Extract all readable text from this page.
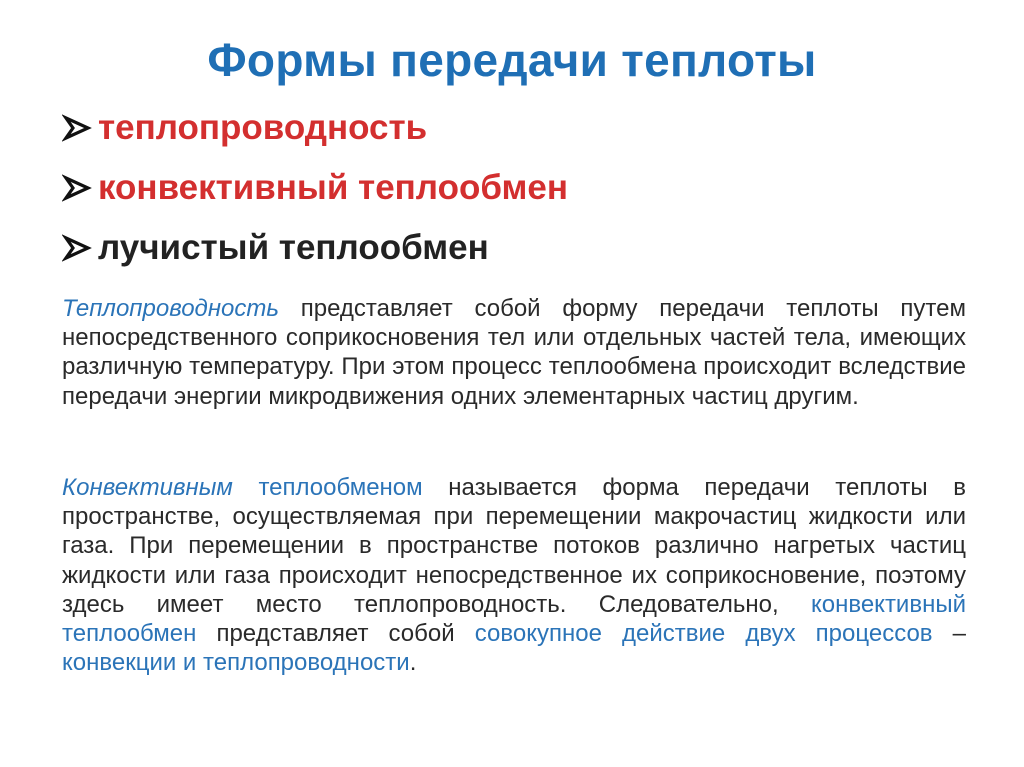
Формы передачи теплоты
теплопроводность
конвективный теплообмен
лучистый теплообмен

Теплопроводность представляет собой форму передачи теплоты путем непосредственного соприкосновения тел или отдельных частей тела, имеющих различную температуру. При этом процесс теплообмена происходит вследствие передачи энергии микродвижения одних элементарных частиц другим.

Конвективным теплообменом называется форма передачи теплоты в пространстве, осуществляемая при перемещении макрочастиц жидкости или газа. При перемещении в пространстве потоков различно нагретых частиц жидкости или газа происходит непосредственное их соприкосновение, поэтому здесь имеет место теплопроводность. Следовательно, конвективный теплообмен представляет собой совокупное действие двух процессов – конвекции и теплопроводности.
